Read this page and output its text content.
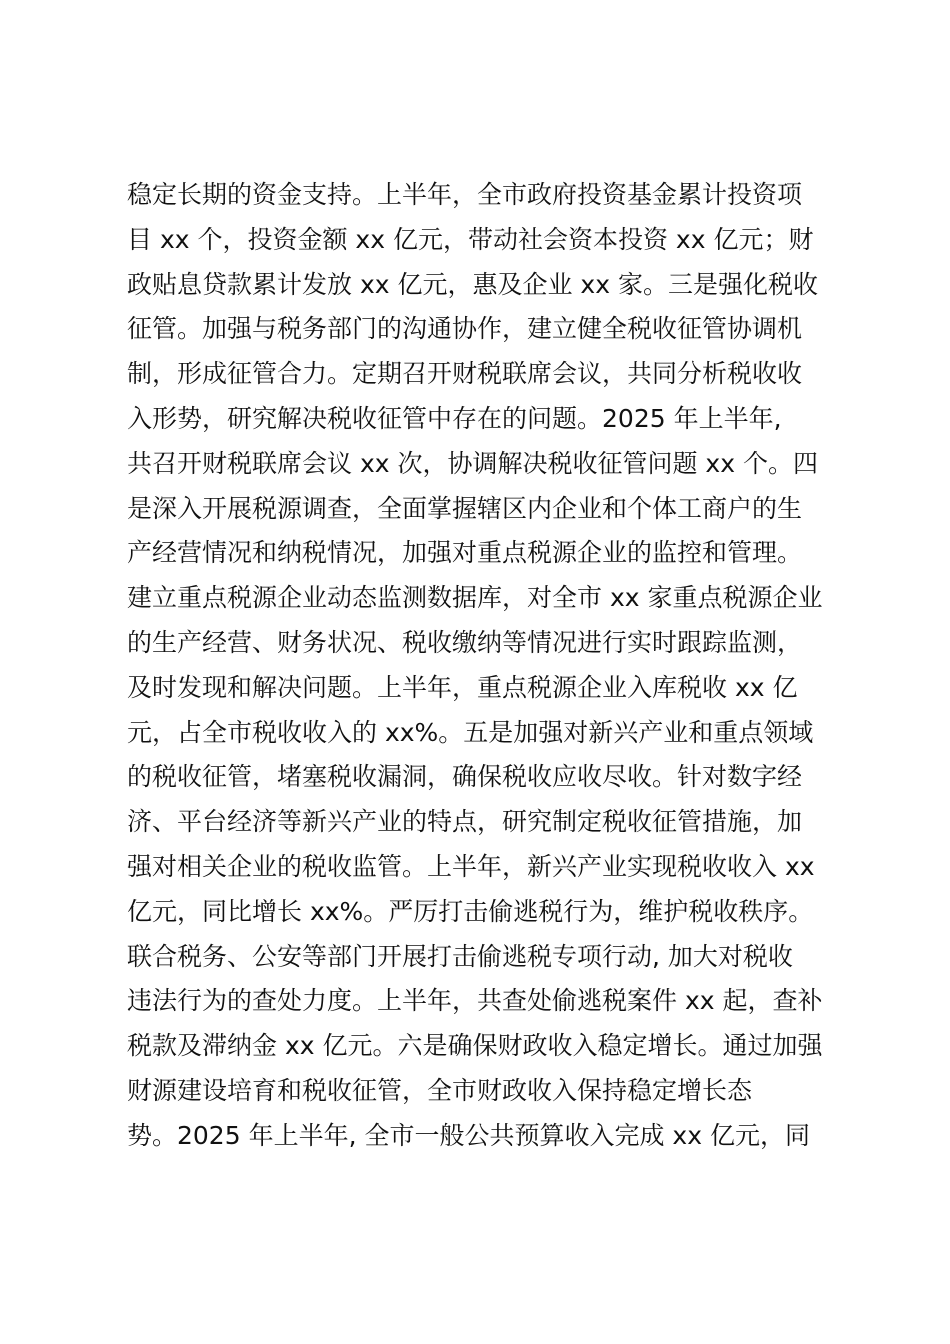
稳定长期的资金支持。上半年，全市政府投资基金累计投资项
目 xx 个，投资金额 xx 亿元，带动社会资本投资 xx 亿元；财
政贴息贷款累计发放 xx 亿元，惠及企业 xx 家。三是强化税收
征管。加强与税务部门的沟通协作，建立健全税收征管协调机
制，形成征管合力。定期召开财税联席会议，共同分析税收收
入形势，研究解决税收征管中存在的问题。2025 年上半年,
共召开财税联席会议 xx 次，协调解决税收征管问题 xx 个。四
是深入开展税源调查，全面掌握辖区内企业和个体工商户的生
产经营情况和纳税情况，加强对重点税源企业的监控和管理。
建立重点税源企业动态监测数据库，对全市 xx 家重点税源企业
的生产经营、财务状况、税收缴纳等情况进行实时跟踪监测，
及时发现和解决问题。上半年，重点税源企业入库税收 xx 亿
元，占全市税收收入的 xx%。五是加强对新兴产业和重点领域
的税收征管，堵塞税收漏洞，确保税收应收尽收。针对数字经
济、平台经济等新兴产业的特点，研究制定税收征管措施，加
强对相关企业的税收监管。上半年，新兴产业实现税收收入 xx
亿元，同比增长 xx%。严厉打击偷逃税行为，维护税收秩序。
联合税务、公安等部门开展打击偷逃税专项行动, 加大对税收
违法行为的查处力度。上半年，共查处偷逃税案件 xx 起，查补
税款及滞纳金 xx 亿元。六是确保财政收入稳定增长。通过加强
财源建设培育和税收征管，全市财政收入保持稳定增长态
势。2025 年上半年, 全市一般公共预算收入完成 xx 亿元，同
